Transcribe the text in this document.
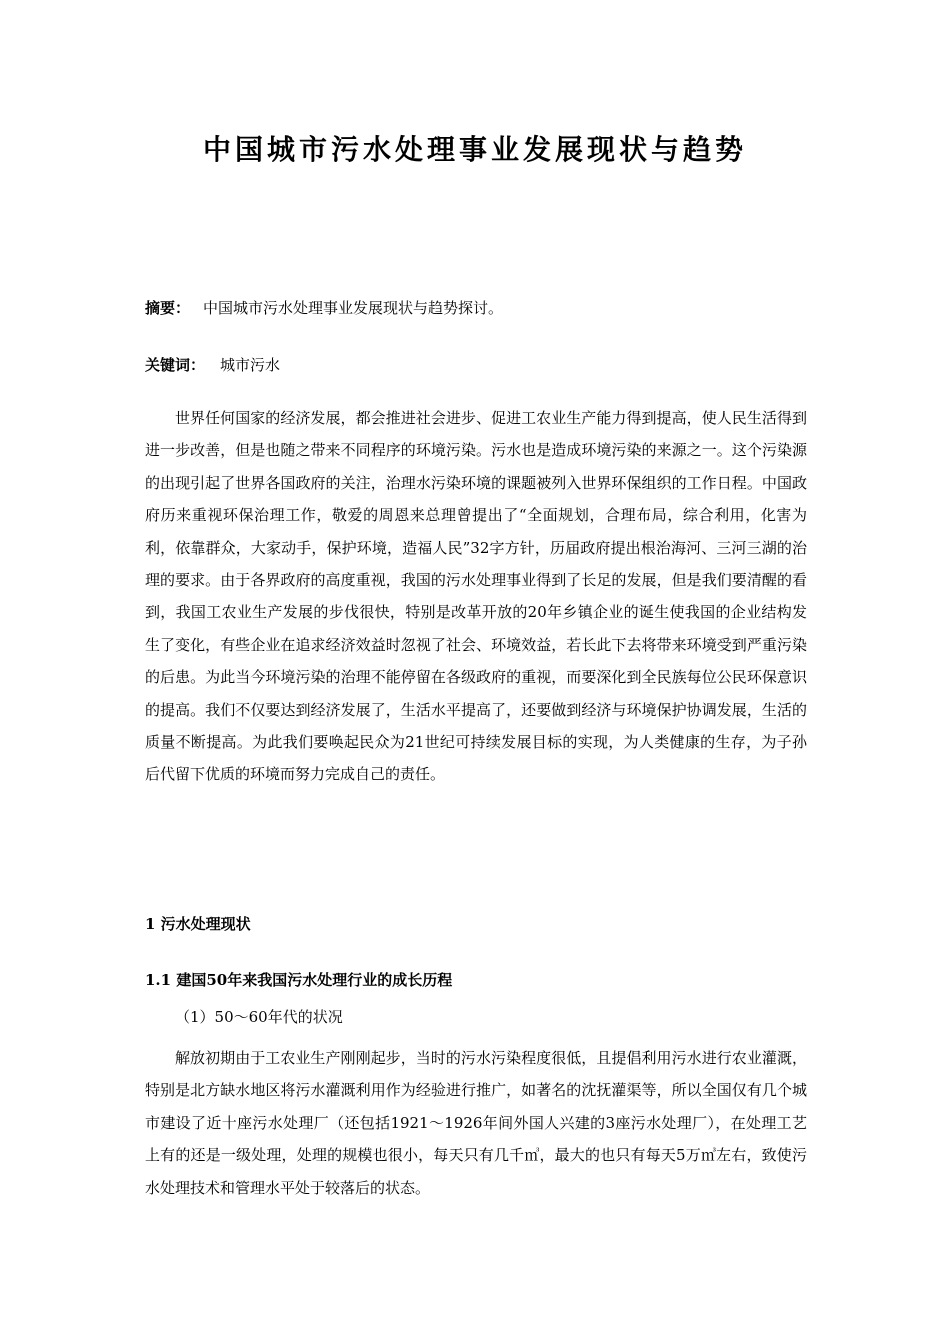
中国城市污水处理事业发展现状与趋势

摘要： 中国城市污水处理事业发展现状与趋势探讨。

关键词： 城市污水

世界任何国家的经济发展，都会推进社会进步、促进工农业生产能力得到提高，使人民生活得到进一步改善，但是也随之带来不同程序的环境污染。污水也是造成环境污染的来源之一。这个污染源的出现引起了世界各国政府的关注，治理水污染环境的课题被列入世界环保组织的工作日程。中国政府历来重视环保治理工作，敬爱的周恩来总理曾提出了“全面规划，合理布局，综合利用，化害为利，依靠群众，大家动手，保护环境，造福人民”32字方针，历届政府提出根治海河、三河三湖的治理的要求。由于各界政府的高度重视，我国的污水处理事业得到了长足的发展，但是我们要清醒的看到，我国工农业生产发展的步伐很快，特别是改革开放的20年乡镇企业的诞生使我国的企业结构发生了变化，有些企业在追求经济效益时忽视了社会、环境效益，若长此下去将带来环境受到严重污染的后患。为此当今环境污染的治理不能停留在各级政府的重视，而要深化到全民族每位公民环保意识的提高。我们不仅要达到经济发展了，生活水平提高了，还要做到经济与环境保护协调发展，生活的质量不断提高。为此我们要唤起民众为21世纪可持续发展目标的实现，为人类健康的生存，为子孙后代留下优质的环境而努力完成自己的责任。

1 污水处理现状

1.1 建国50年来我国污水处理行业的成长历程

（1）50～60年代的状况

解放初期由于工农业生产刚刚起步，当时的污水污染程度很低，且提倡利用污水进行农业灌溉，特别是北方缺水地区将污水灌溉利用作为经验进行推广，如著名的沈抚灌渠等，所以全国仅有几个城市建设了近十座污水处理厂（还包括1921～1926年间外国人兴建的3座污水处理厂），在处理工艺上有的还是一级处理，处理的规模也很小，每天只有几千㎥，最大的也只有每天5万㎥左右，致使污水处理技术和管理水平处于较落后的状态。
